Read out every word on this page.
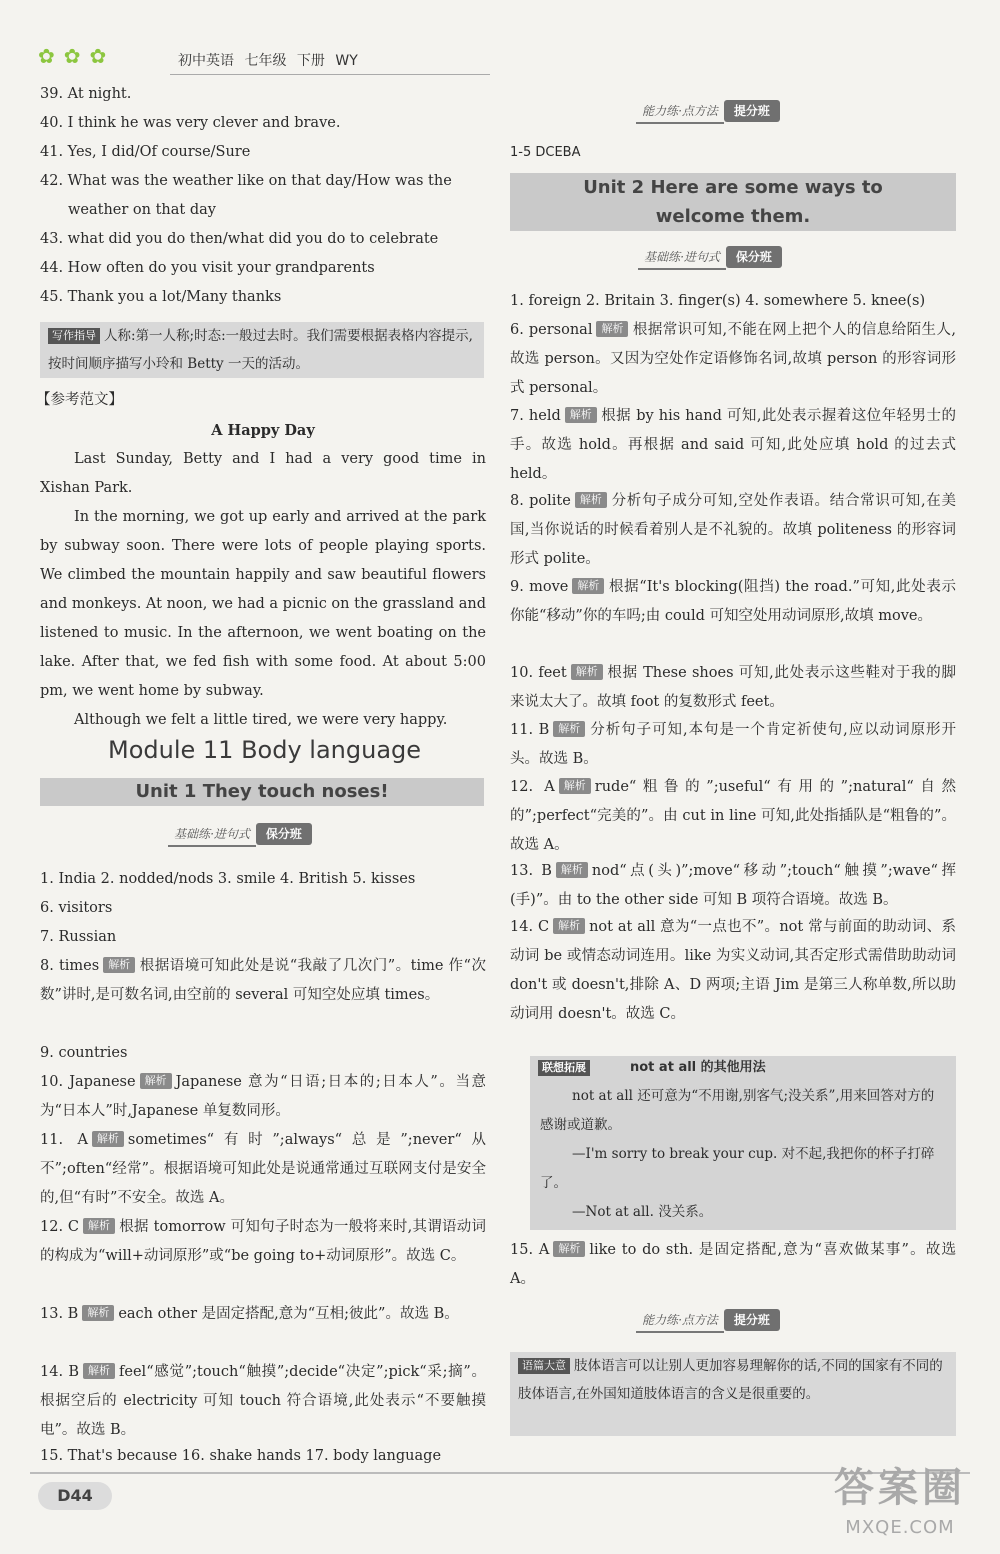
✿ ✿ ✿	初中英语 七年级 下册 WY
39. At night.
40. I think he was very clever and brave.
41. Yes, I did/Of course/Sure
42. What was the weather like on that day/How was the
weather on that day
43. what did you do then/what did you do to celebrate
44. How often do you visit your grandparents
45. Thank you a lot/Many thanks
写作指导 人称:第一人称;时态:一般过去时。我们需要根据表格内容提示,按时间顺序描写小玲和 Betty 一天的活动。
【参考范文】
A Happy Day
Last Sunday, Betty and I had a very good time in Xishan Park.
In the morning, we got up early and arrived at the park by subway soon. There were lots of people playing sports. We climbed the mountain happily and saw beautiful flowers and monkeys. At noon, we had a picnic on the grassland and listened to music. In the afternoon, we went boating on the lake. After that, we fed fish with some food. At about 5:00 pm, we went home by subway.
Although we felt a little tired, we were very happy.
Module 11 Body language
Unit 1 They touch noses!
基础练·进句式 保分班
1. India 2. nodded/nods 3. smile 4. British 5. kisses
6. visitors
7. Russian
8. times 解析 根据语境可知此处是说“我敲了几次门”。time 作“次数”讲时,是可数名词,由空前的 several 可知空处应填 times。
9. countries
10. Japanese 解析 Japanese 意为“日语;日本的;日本人”。当意为“日本人”时,Japanese 单复数同形。
11. A 解析 sometimes“有时”;always“总是”;never“从不”;often“经常”。根据语境可知此处是说通常通过互联网支付是安全的,但“有时”不安全。故选 A。
12. C 解析 根据 tomorrow 可知句子时态为一般将来时,其谓语动词的构成为“will+动词原形”或“be going to+动词原形”。故选 C。
13. B 解析 each other 是固定搭配,意为“互相;彼此”。故选 B。
14. B 解析 feel“感觉”;touch“触摸”;decide“决定”;pick“采;摘”。根据空后的 electricity 可知 touch 符合语境,此处表示“不要触摸电”。故选 B。
15. That's because 16. shake hands 17. body language
能力练·点方法 提分班
1-5 DCEBA
Unit 2 Here are some ways to
welcome them.
基础练·进句式 保分班
1. foreign 2. Britain 3. finger(s) 4. somewhere 5. knee(s)
6. personal 解析 根据常识可知,不能在网上把个人的信息给陌生人,故选 person。又因为空处作定语修饰名词,故填 person 的形容词形式 personal。
7. held 解析 根据 by his hand 可知,此处表示握着这位年轻男士的手。故选 hold。再根据 and said 可知,此处应填 hold 的过去式 held。
8. polite 解析 分析句子成分可知,空处作表语。结合常识可知,在美国,当你说话的时候看着别人是不礼貌的。故填 politeness 的形容词形式 polite。
9. move 解析 根据“It's blocking(阻挡) the road.”可知,此处表示你能“移动”你的车吗;由 could 可知空处用动词原形,故填 move。
10. feet 解析 根据 These shoes 可知,此处表示这些鞋对于我的脚来说太大了。故填 foot 的复数形式 feet。
11. B 解析 分析句子可知,本句是一个肯定祈使句,应以动词原形开头。故选 B。
12. A 解析 rude“粗鲁的”;useful“有用的”;natural“自然的”;perfect“完美的”。由 cut in line 可知,此处指插队是“粗鲁的”。故选 A。
13. B 解析 nod“点(头)”;move“移动”;touch“触摸”;wave“挥(手)”。由 to the other side 可知 B 项符合语境。故选 B。
14. C 解析 not at all 意为“一点也不”。not 常与前面的助动词、系动词 be 或情态动词连用。like 为实义动词,其否定形式需借助助动词 don't 或 doesn't,排除 A、D 两项;主语 Jim 是第三人称单数,所以助动词用 doesn't。故选 C。
联想拓展	not at all 的其他用法
not at all 还可意为“不用谢,别客气;没关系”,用来回答对方的感谢或道歉。
—I'm sorry to break your cup. 对不起,我把你的杯子打碎了。
—Not at all. 没关系。
15. A 解析 like to do sth. 是固定搭配,意为“喜欢做某事”。故选 A。
能力练·点方法 提分班
语篇大意 肢体语言可以让别人更加容易理解你的话,不同的国家有不同的肢体语言,在外国知道肢体语言的含义是很重要的。
D44	答案圈
MXQE.COM
